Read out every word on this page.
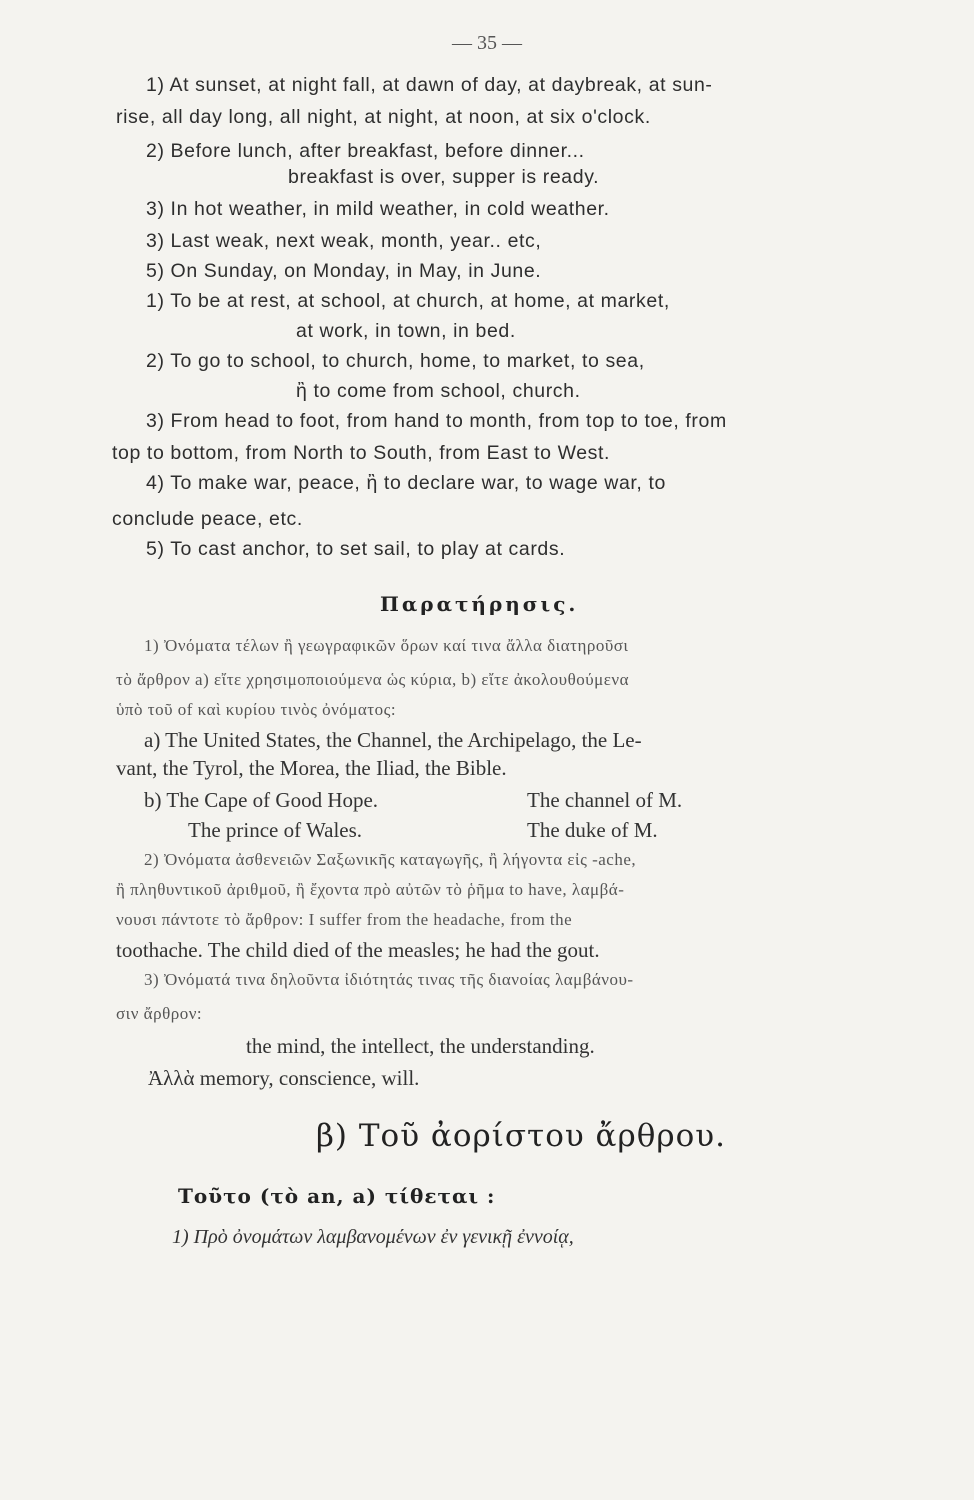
— 35 —
1) At sunset, at night fall, at dawn of day, at daybreak, at sun-
rise, all day long, all night, at night, at noon, at six o'clock.
2) Before lunch, after breakfast, before dinner...
breakfast is over, supper is ready.
3) In hot weather, in mild weather, in cold weather.
3) Last weak, next weak, month, year.. etc,
5) On Sunday, on Monday, in May, in June.
1) To be at rest, at school, at church, at home, at market,
at work, in town, in bed.
2) To go to school, to church, home, to market, to sea,
ἢ to come from school, church.
3) From head to foot, from hand to month, from top to toe, from
top to bottom, from North to South, from East to West.
4) To make war, peace, ἢ to declare war, to wage war, to
conclude peace, etc.
5) To cast anchor, to set sail, to play at cards.
Παρατήρησις.
1) Ὀνόματα τέλων ἢ γεωγραφικῶν ὅρων καί τινα ἄλλα διατηροῦσι
τὸ ἄρθρον a) εἴτε χρησιμοποιούμενα ὡς κύρια, b) εἴτε ἀκολουθούμενα
ὑπὸ τοῦ of καὶ κυρίου τινὸς ὀνόματος:
a) The United States, the Channel, the Archipelago, the Le-
vant, the Tyrol, the Morea, the Iliad, the Bible.
b) The Cape of Good Hope.	The channel of M.
The prince of Wales.	The duke of M.
2) Ὀνόματα ἀσθενειῶν Σαξωνικῆς καταγωγῆς, ἢ λήγοντα εἰς -ache,
ἢ πληθυντικοῦ ἀριθμοῦ, ἢ ἔχοντα πρὸ αὐτῶν τὸ ῥῆμα to have, λαμβά-
νουσι πάντοτε τὸ ἄρθρον: I suffer from the headache, from the
toothache. The child died of the measles; he had the gout.
3) Ὀνόματά τινα δηλοῦντα ἰδιότητάς τινας τῆς διανοίας λαμβάνου-
σιν ἄρθρον:
the mind, the intellect, the understanding.
Ἀλλὰ memory, conscience, will.
β) Τοῦ ἀορίστου ἄρθρου.
Τοῦτο (τὸ an, a) τίθεται :
1) Πρὸ ὀνομάτων λαμβανομένων ἐν γενικῇ ἐννοίᾳ,
